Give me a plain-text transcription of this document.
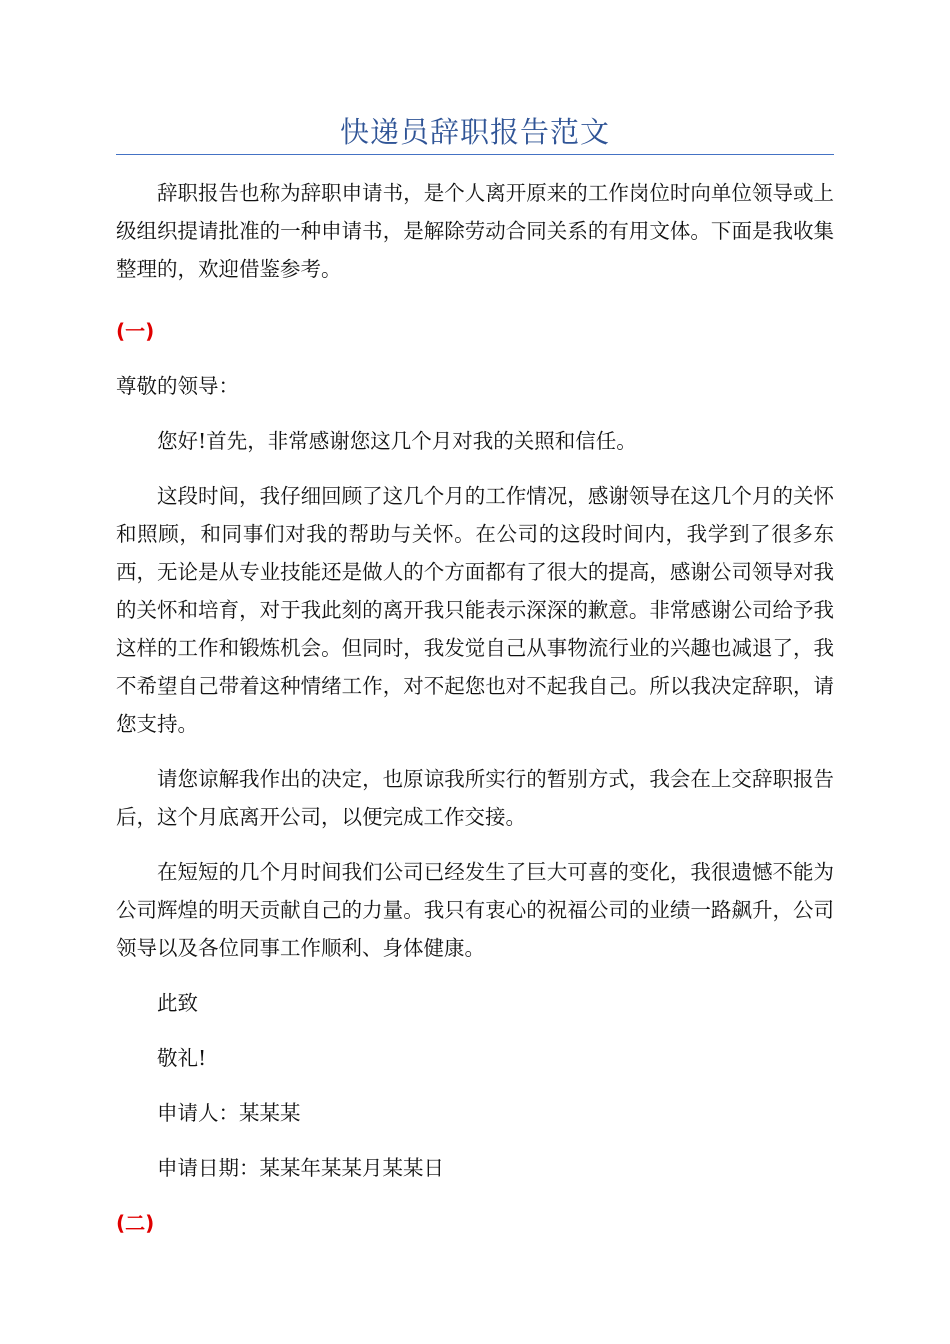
快递员辞职报告范文

辞职报告也称为辞职申请书，是个人离开原来的工作岗位时向单位领导或上级组织提请批准的一种申请书，是解除劳动合同关系的有用文体。下面是我收集整理的，欢迎借鉴参考。

(一)

尊敬的领导：

您好!首先，非常感谢您这几个月对我的关照和信任。

这段时间，我仔细回顾了这几个月的工作情况，感谢领导在这几个月的关怀和照顾，和同事们对我的帮助与关怀。在公司的这段时间内，我学到了很多东西，无论是从专业技能还是做人的个方面都有了很大的提高，感谢公司领导对我的关怀和培育，对于我此刻的离开我只能表示深深的歉意。非常感谢公司给予我这样的工作和锻炼机会。但同时，我发觉自己从事物流行业的兴趣也减退了，我不希望自己带着这种情绪工作，对不起您也对不起我自己。所以我决定辞职，请您支持。

请您谅解我作出的决定，也原谅我所实行的暂别方式，我会在上交辞职报告后，这个月底离开公司，以便完成工作交接。

在短短的几个月时间我们公司已经发生了巨大可喜的变化，我很遗憾不能为公司辉煌的明天贡献自己的力量。我只有衷心的祝福公司的业绩一路飙升，公司领导以及各位同事工作顺利、身体健康。

此致

敬礼!

申请人：某某某

申请日期：某某年某某月某某日

(二)
